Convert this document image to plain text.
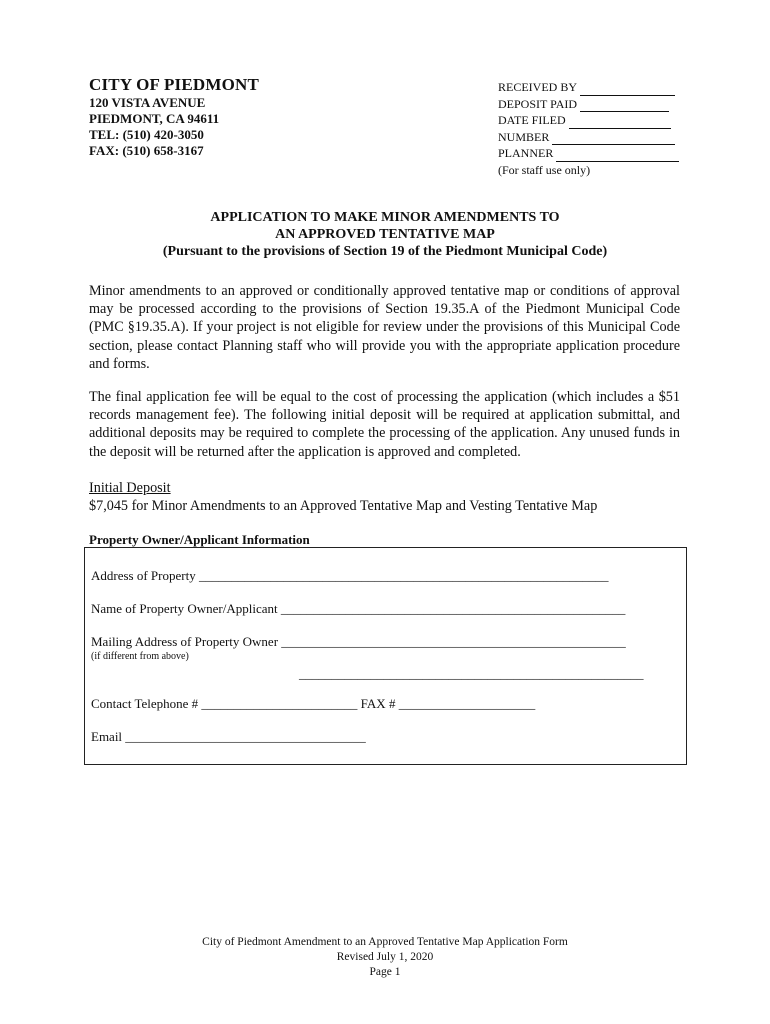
CITY OF PIEDMONT
120 VISTA AVENUE
PIEDMONT, CA 94611
TEL: (510) 420-3050
FAX: (510) 658-3167
RECEIVED BY
DEPOSIT PAID
DATE FILED
NUMBER
PLANNER
(For staff use only)
APPLICATION TO MAKE MINOR AMENDMENTS TO
AN APPROVED TENTATIVE MAP
(Pursuant to the provisions of Section 19 of the Piedmont Municipal Code)
Minor amendments to an approved or conditionally approved tentative map or conditions of approval may be processed according to the provisions of Section 19.35.A of the Piedmont Municipal Code (PMC §19.35.A). If your project is not eligible for review under the provisions of this Municipal Code section, please contact Planning staff who will provide you with the appropriate application procedure and forms.
The final application fee will be equal to the cost of processing the application (which includes a $51 records management fee). The following initial deposit will be required at application submittal, and additional deposits may be required to complete the processing of the application. Any unused funds in the deposit will be returned after the application is approved and completed.
Initial Deposit
$7,045 for Minor Amendments to an Approved Tentative Map and Vesting Tentative Map
Property Owner/Applicant Information
Address of Property _______________________________________________________________
Name of Property Owner/Applicant _____________________________________________________
Mailing Address of Property Owner _____________________________________________________
(if different from above)
_____________________________________________________
Contact Telephone # ________________________ FAX # _____________________
Email _____________________________________
City of Piedmont Amendment to an Approved Tentative Map Application Form
Revised July 1, 2020
Page 1
